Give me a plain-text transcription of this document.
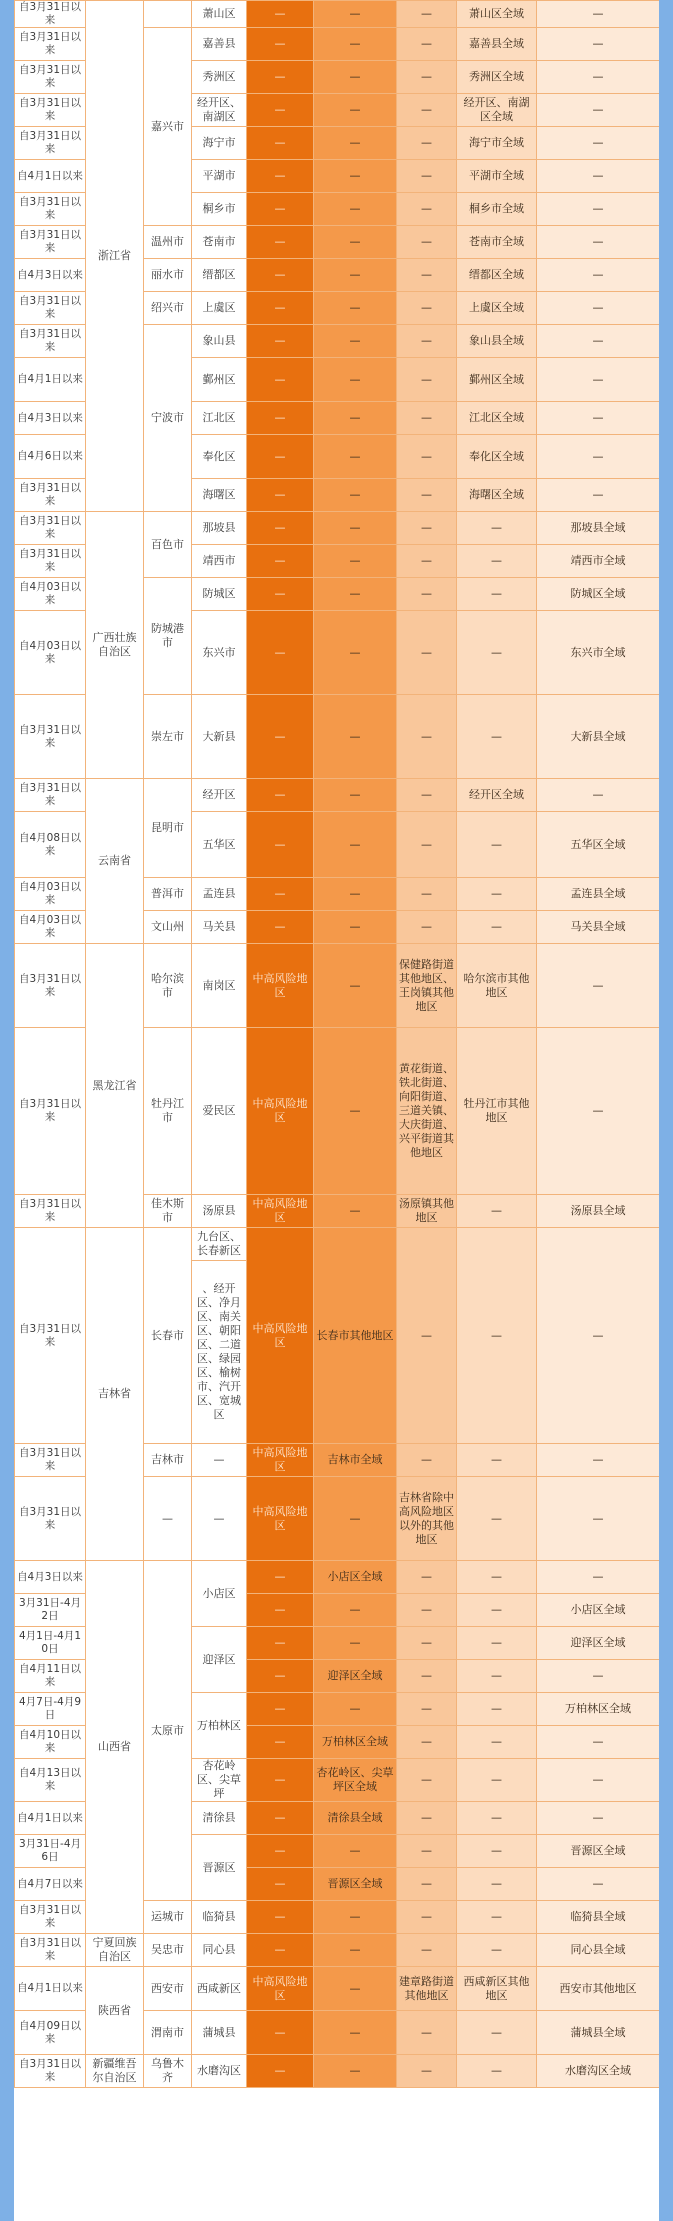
自3月31日以来	浙江省		萧山区	—	—	—	萧山区全域	—
自3月31日以来		嘉兴市	嘉善县	—	—	—	嘉善县全域	—
自3月31日以来			秀洲区	—	—	—	秀洲区全域	—
自3月31日以来			经开区、南湖区	—	—	—	经开区、南湖区全域	—
自3月31日以来			海宁市	—	—	—	海宁市全域	—
自4月1日以来			平湖市	—	—	—	平湖市全域	—
自3月31日以来			桐乡市	—	—	—	桐乡市全域	—
自3月31日以来		温州市	苍南市	—	—	—	苍南市全域	—
自4月3日以来		丽水市	缙都区	—	—	—	缙都区全域	—
自3月31日以来		绍兴市	上虞区	—	—	—	上虞区全域	—
自3月31日以来		宁波市	象山县	—	—	—	象山县全域	—
自4月1日以来			鄞州区	—	—	—	鄞州区全域	—
自4月3日以来			江北区	—	—	—	江北区全域	—
自4月6日以来			奉化区	—	—	—	奉化区全域	—
自3月31日以来			海曙区	—	—	—	海曙区全域	—
自3月31日以来	广西壮族自治区	百色市	那坡县	—	—	—	—	那坡县全域
自3月31日以来			靖西市	—	—	—	—	靖西市全域
自4月03日以来		防城港市	防城区	—	—	—	—	防城区全域
自4月03日以来			东兴市	—	—	—	—	东兴市全域
自3月31日以来		崇左市	大新县	—	—	—	—	大新县全域
自3月31日以来	云南省	昆明市	经开区	—	—	—	经开区全域	—
自4月08日以来			五华区	—	—	—	—	五华区全域
自4月03日以来		普洱市	孟连县	—	—	—	—	孟连县全域
自4月03日以来		文山州	马关县	—	—	—	—	马关县全域
自3月31日以来	黑龙江省	哈尔滨市	南岗区	中高风险地区	—	保健路街道其他地区、王岗镇其他地区	哈尔滨市其他地区	—
自3月31日以来		牡丹江市	爱民区	中高风险地区	—	黄花街道、铁北街道、向阳街道、三道关镇、大庆街道、兴平街道其他地区	牡丹江市其他地区	—
自3月31日以来		佳木斯市	汤原县	中高风险地区	—	汤原镇其他地区	—	汤原县全域
自3月31日以来	吉林省	长春市	九台区、长春新区	中高风险地区	长春市其他地区	—	—	—
			、经开区、净月区、南关区、朝阳区、二道区、绿园区、榆树市、汽开区、宽城区					
自3月31日以来		吉林市	—	中高风险地区	吉林市全域	—	—	—
自3月31日以来		—	—	中高风险地区	—	吉林省除中高风险地区以外的其他地区	—	—
自4月3日以来	山西省	太原市	小店区	—	小店区全域	—	—	—
3月31日-4月2日				—	—	—	—	小店区全域
4月1日-4月10日			迎泽区	—	—	—	—	迎泽区全域
自4月11日以来				—	迎泽区全域	—	—	—
4月7日-4月9日			万柏林区	—	—	—	—	万柏林区全域
自4月10日以来				—	万柏林区全域	—	—	—
自4月13日以来			杏花岭区、尖草坪	—	杏花岭区、尖草坪区全域	—	—	—
自4月1日以来			清徐县	—	清徐县全域	—	—	—
3月31日-4月6日			晋源区	—	—	—	—	晋源区全域
自4月7日以来				—	晋源区全域	—	—	—
自3月31日以来		运城市	临猗县	—	—	—	—	临猗县全域
自3月31日以来	宁夏回族自治区	吴忠市	同心县	—	—	—	—	同心县全域
自4月1日以来	陕西省	西安市	西咸新区	中高风险地区	—	建章路街道其他地区	西咸新区其他地区	西安市其他地区
自4月09日以来		渭南市	蒲城县	—	—	—	—	蒲城县全域
自3月31日以来	新疆维吾尔自治区	乌鲁木齐	水磨沟区	—	—	—	—	水磨沟区全域
